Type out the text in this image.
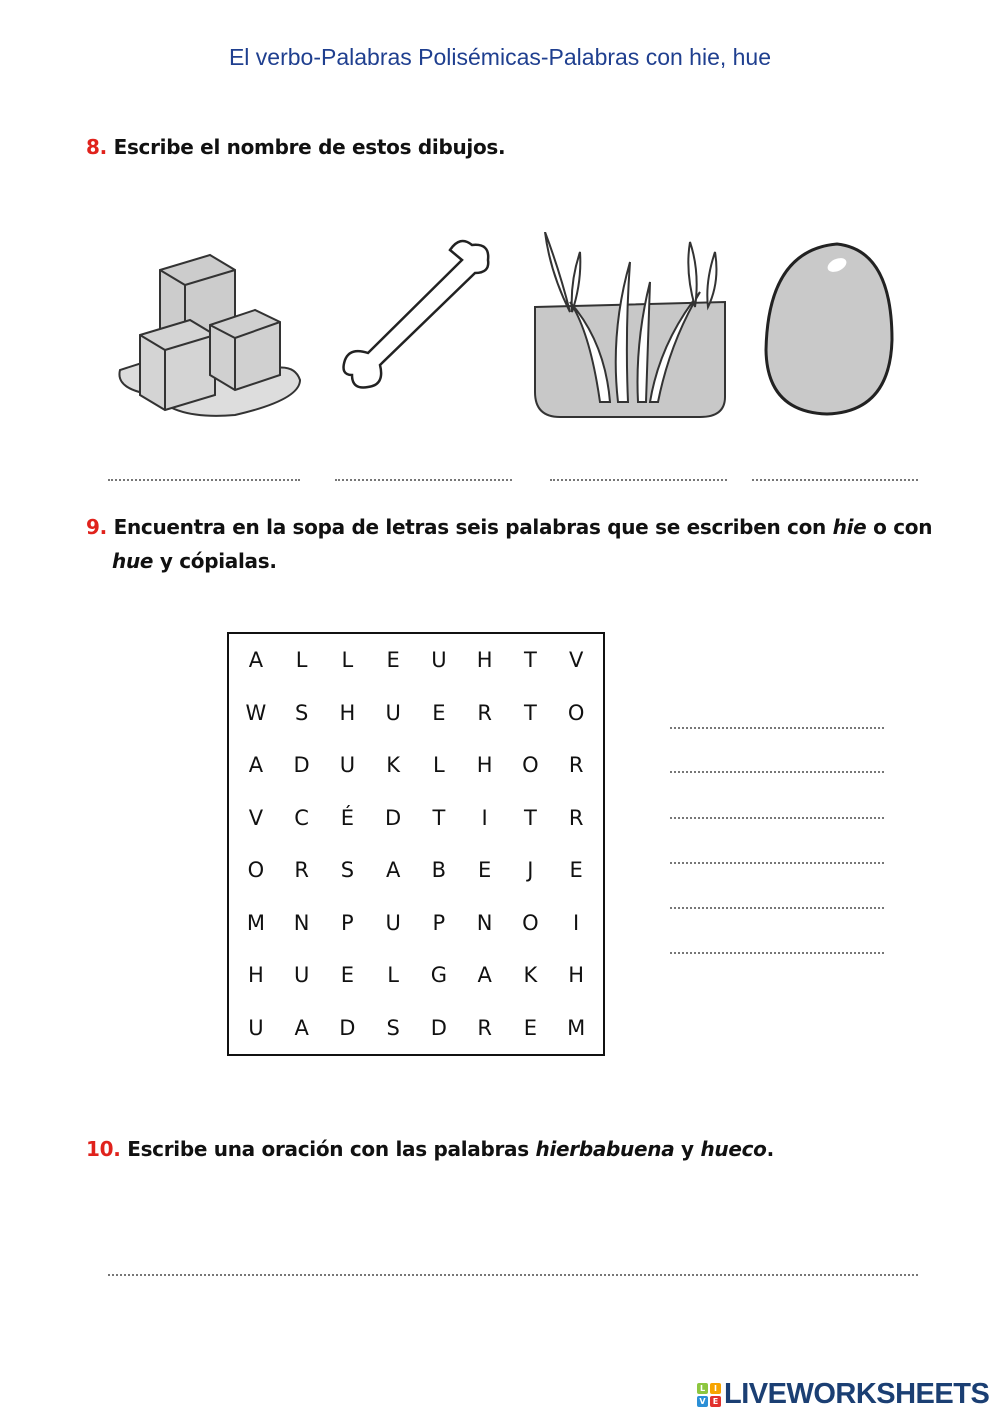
El verbo-Palabras Polisémicas-Palabras con hie, hue
8. Escribe el nombre de estos dibujos.
9. Encuentra en la sopa de letras seis palabras que se escriben con hie o con
hue y cópialas.
A	L	L	E	U	H	T	V
W	S	H	U	E	R	T	O
A	D	U	K	L	H	O	R
V	C	É	D	T	I	T	R
O	R	S	A	B	E	J	E
M	N	P	U	P	N	O	I
H	U	E	L	G	A	K	H
U	A	D	S	D	R	E	M
10. Escribe una oración con las palabras hierbabuena y hueco.
L	I
V E LIVEWORKSHEETS
